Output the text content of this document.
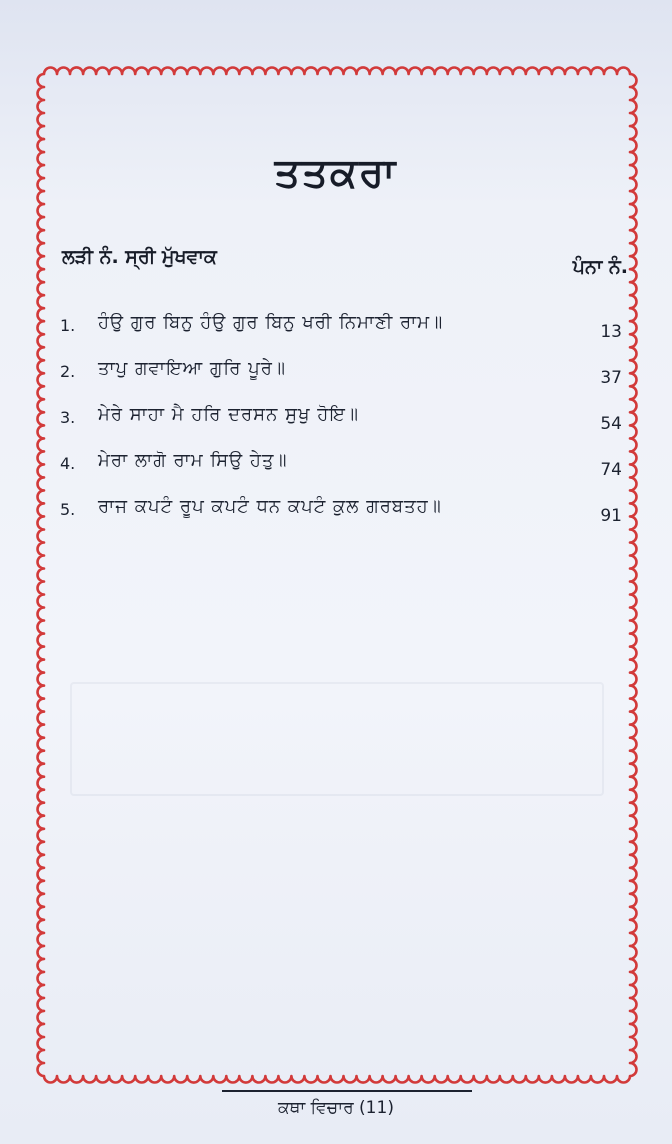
ਤਤਕਰਾ
ਲੜੀ ਨੰ. ਸ੍ਰੀ ਮੁੱਖਵਾਕ	ਪੰਨਾ ਨੰ.
1. ਹੰਉ ਗੁਰ ਬਿਨੁ ਹੰਉ ਗੁਰ ਬਿਨੁ ਖਰੀ ਨਿਮਾਣੀ ਰਾਮ॥	13
2. ਤਾਪੁ ਗਵਾਇਆ ਗੁਰਿ ਪੂਰੇ॥	37
3. ਮੇਰੇ ਸਾਹਾ ਮੈ ਹਰਿ ਦਰਸਨ ਸੁਖੁ ਹੋਇ॥	54
4. ਮੇਰਾ ਲਾਗੋ ਰਾਮ ਸਿਉ ਹੇਤੁ॥	74
5. ਰਾਜ ਕਪਟੰ ਰੂਪ ਕਪਟੰ ਧਨ ਕਪਟੰ ਕੁਲ ਗਰਬਤਹ॥	91
ਕਥਾ ਵਿਚਾਰ (11)
